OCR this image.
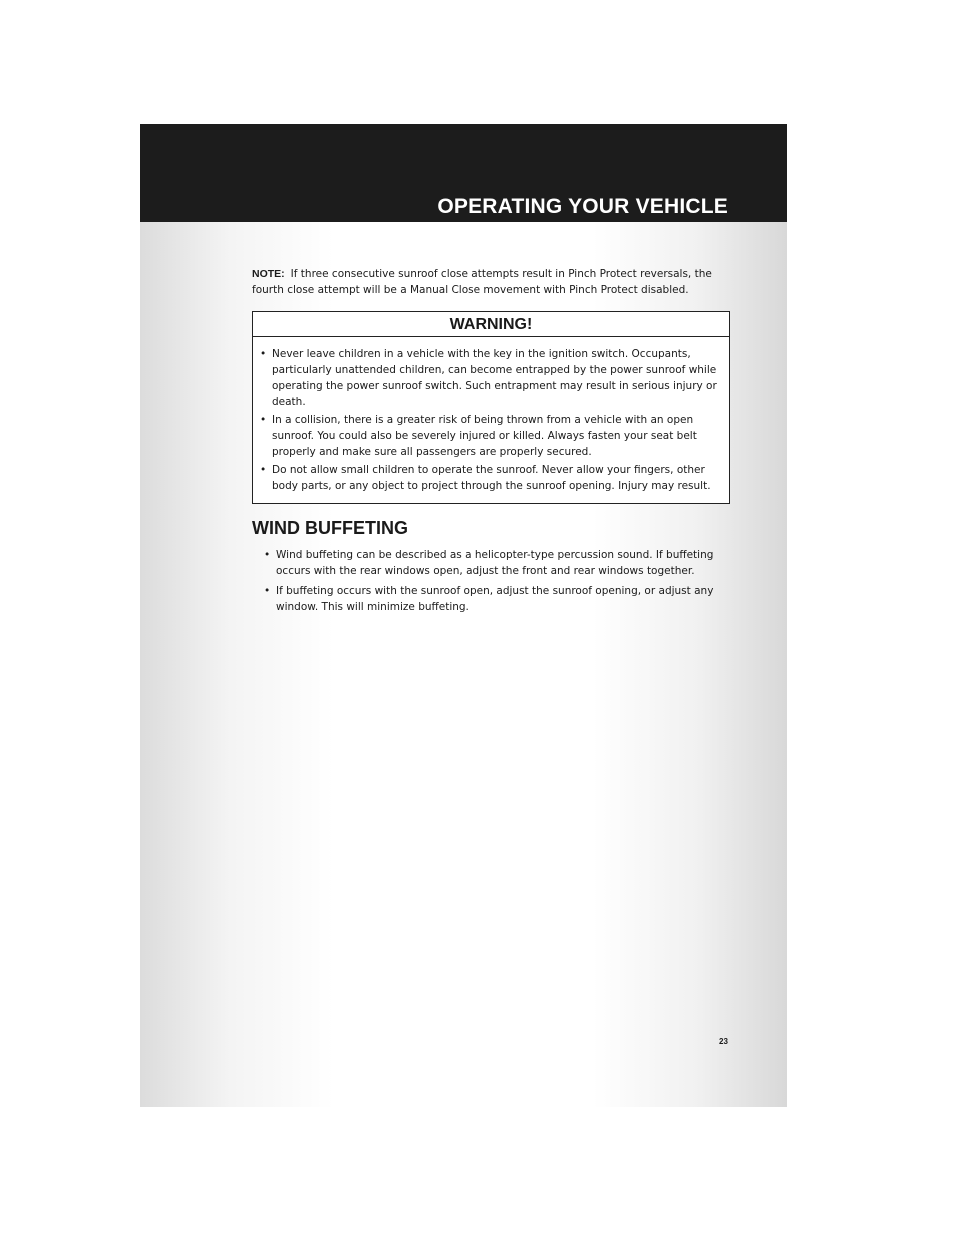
OPERATING YOUR VEHICLE

NOTE: If three consecutive sunroof close attempts result in Pinch Protect reversals, the fourth close attempt will be a Manual Close movement with Pinch Protect disabled.

WARNING!
• Never leave children in a vehicle with the key in the ignition switch. Occupants, particularly unattended children, can become entrapped by the power sunroof while operating the power sunroof switch. Such entrapment may result in serious injury or death.
• In a collision, there is a greater risk of being thrown from a vehicle with an open sunroof. You could also be severely injured or killed. Always fasten your seat belt properly and make sure all passengers are properly secured.
• Do not allow small children to operate the sunroof. Never allow your fingers, other body parts, or any object to project through the sunroof opening. Injury may result.
WIND BUFFETING
• Wind buffeting can be described as a helicopter-type percussion sound. If buffeting occurs with the rear windows open, adjust the front and rear windows together.
• If buffeting occurs with the sunroof open, adjust the sunroof opening, or adjust any window. This will minimize buffeting.
23
